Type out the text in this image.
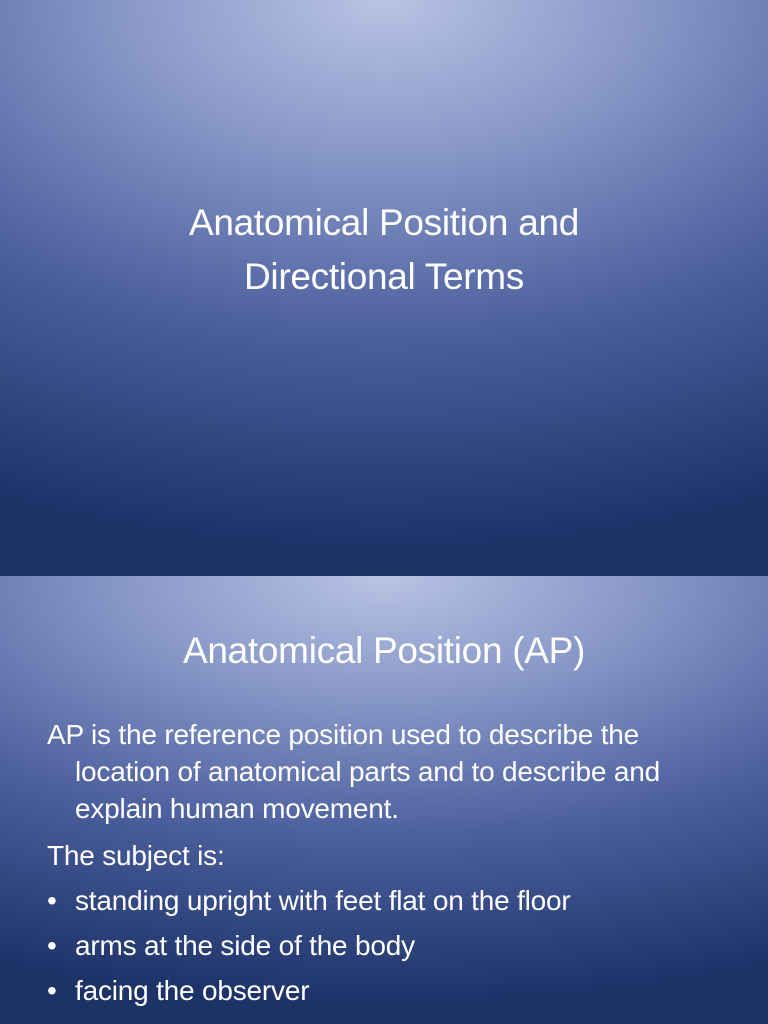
Anatomical Position and
Directional Terms
Anatomical Position (AP)

AP is the reference position used to describe the location of anatomical parts and to describe and explain human movement.

The subject is:

• standing upright with feet flat on the floor
• arms at the side of the body
• facing the observer
